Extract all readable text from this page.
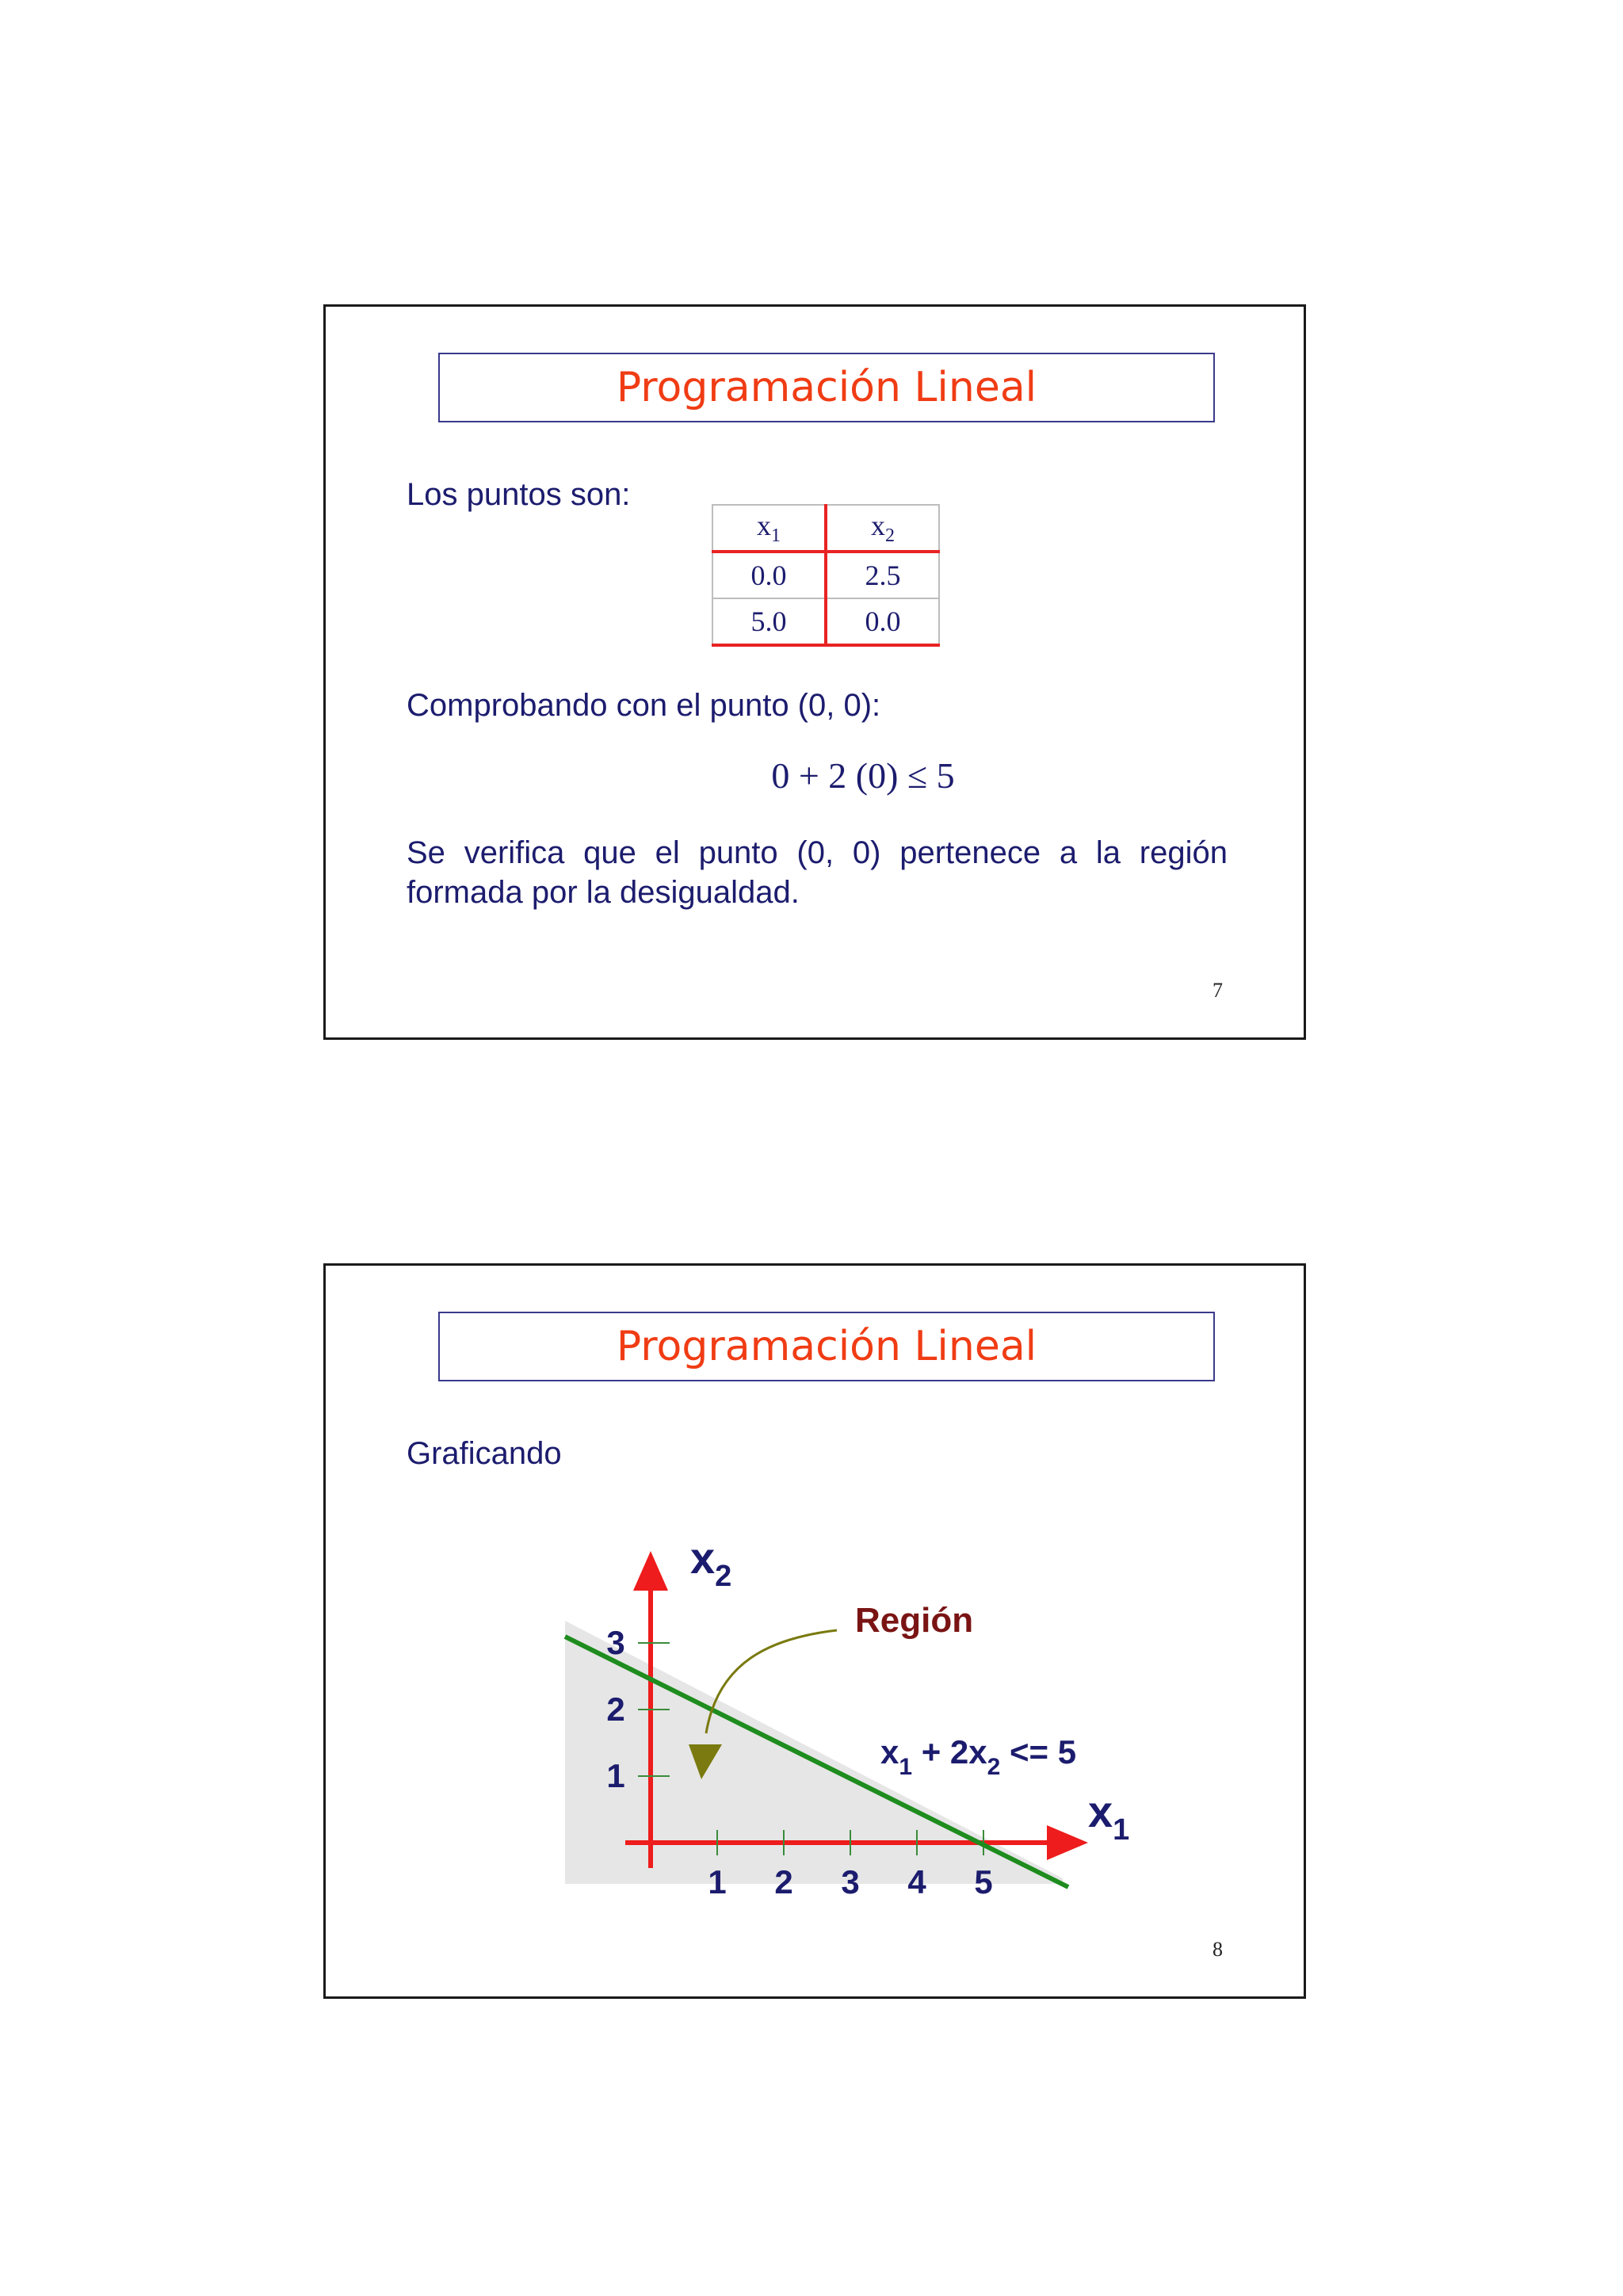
Programación Lineal
Los puntos son:
$x_1$	$x_2$
0.0	2.5
5.0	0.0
Comprobando con el punto (0, 0):
0 + 2 (0) ≤ 5
Se verifica que el punto (0, 0) pertenece a la región formada por la desigualdad.
7
Programación Lineal
Graficando
$x_2$
$x_1$
Región
$x_1 + 2x_2 <= 5$
1 2 3 4 5
1
2
3
8
